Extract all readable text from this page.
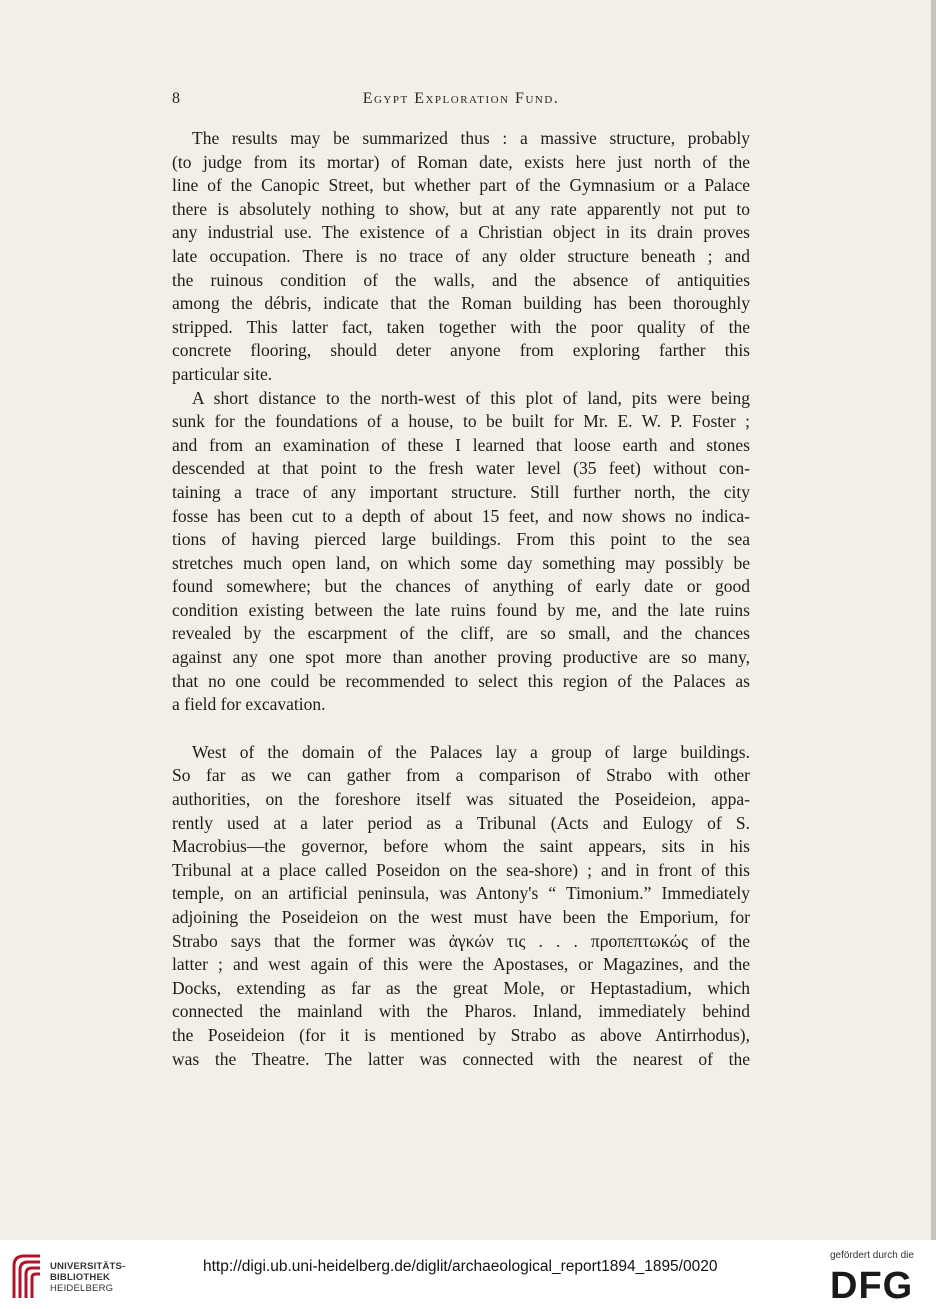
8	Egypt Exploration Fund.
The results may be summarized thus : a massive structure, probably
(to judge from its mortar) of Roman date, exists here just north of the
line of the Canopic Street, but whether part of the Gymnasium or a Palace
there is absolutely nothing to show, but at any rate apparently not put to
any industrial use. The existence of a Christian object in its drain proves
late occupation. There is no trace of any older structure beneath ; and
the ruinous condition of the walls, and the absence of antiquities
among the débris, indicate that the Roman building has been thoroughly
stripped. This latter fact, taken together with the poor quality of the
concrete flooring, should deter anyone from exploring farther this
particular site.
A short distance to the north-west of this plot of land, pits were being
sunk for the foundations of a house, to be built for Mr. E. W. P. Foster ;
and from an examination of these I learned that loose earth and stones
descended at that point to the fresh water level (35 feet) without con-
taining a trace of any important structure. Still further north, the city
fosse has been cut to a depth of about 15 feet, and now shows no indica-
tions of having pierced large buildings. From this point to the sea
stretches much open land, on which some day something may possibly be
found somewhere; but the chances of anything of early date or good
condition existing between the late ruins found by me, and the late ruins
revealed by the escarpment of the cliff, are so small, and the chances
against any one spot more than another proving productive are so many,
that no one could be recommended to select this region of the Palaces as
a field for excavation.
West of the domain of the Palaces lay a group of large buildings.
So far as we can gather from a comparison of Strabo with other
authorities, on the foreshore itself was situated the Poseideion, appa-
rently used at a later period as a Tribunal (Acts and Eulogy of S.
Macrobius—the governor, before whom the saint appears, sits in his
Tribunal at a place called Poseidon on the sea-shore) ; and in front of this
temple, on an artificial peninsula, was Antony's “ Timonium.” Immediately
adjoining the Poseideion on the west must have been the Emporium, for
Strabo says that the former was ἀγκών τις . . . προπεπτωκώς of the
latter ; and west again of this were the Apostases, or Magazines, and the
Docks, extending as far as the great Mole, or Heptastadium, which
connected the mainland with the Pharos. Inland, immediately behind
the Poseideion (for it is mentioned by Strabo as above Antirrhodus),
was the Theatre. The latter was connected with the nearest of the
UNIVERSITÄTS-
BIBLIOTHEK
HEIDELBERG
http://digi.ub.uni-heidelberg.de/diglit/archaeological_report1894_1895/0020
gefördert durch die
DFG
